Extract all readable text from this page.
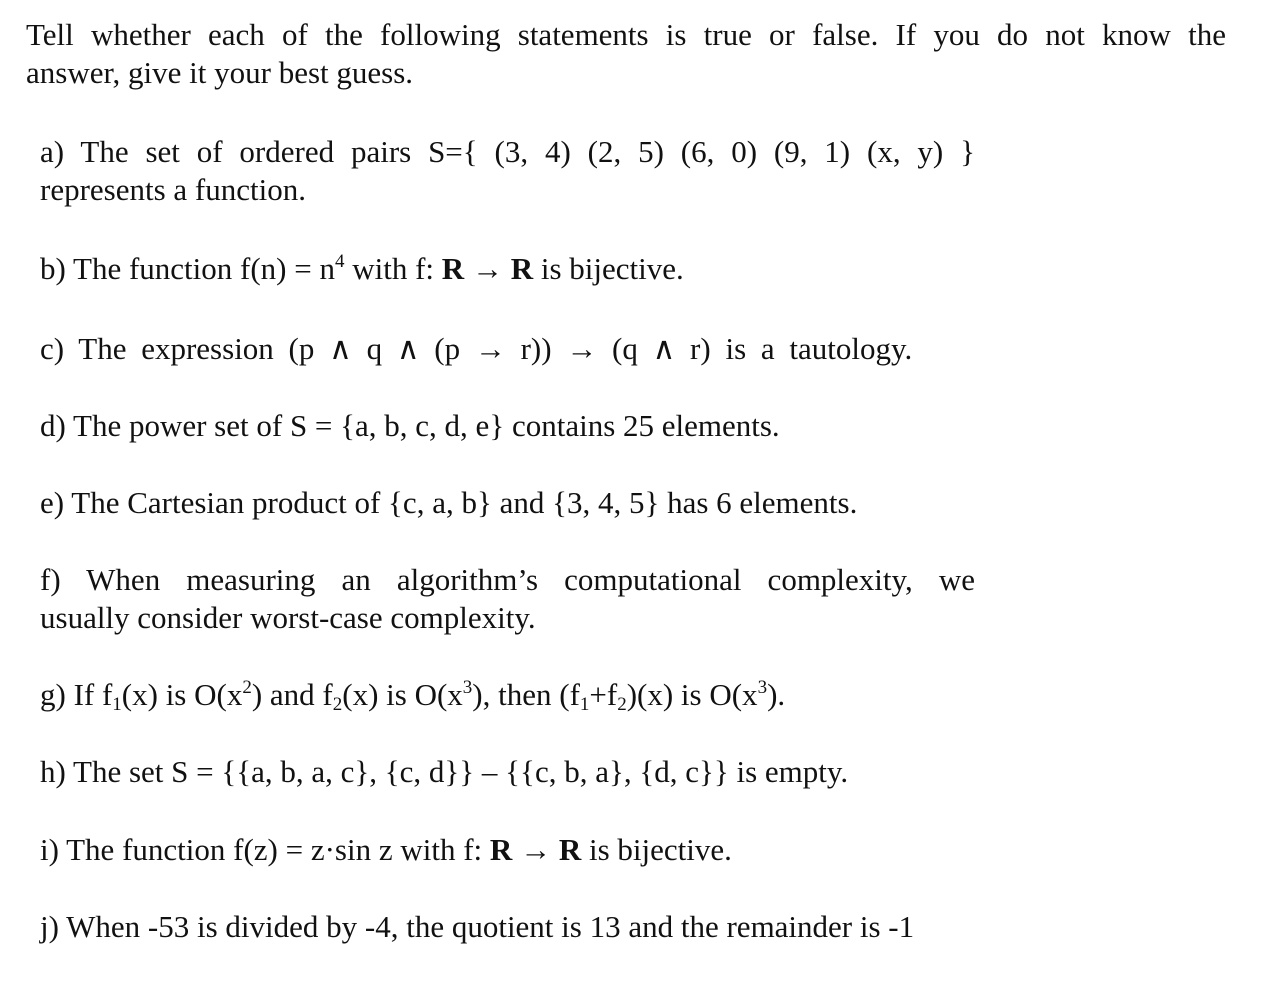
Tell whether each of the following statements is true or false. If you do not know the
answer, give it your best guess.
a) The set of ordered pairs S={ (3, 4) (2, 5) (6, 0) (9, 1) (x, y) }
represents a function.
b) The function $f(n) = n^4$ with f: R → R is bijective.
c) The expression (p ∧ q ∧ (p → r)) → (q ∧ r) is a tautology.
d) The power set of S = {a, b, c, d, e} contains 25 elements.
e) The Cartesian product of {c, a, b} and {3, 4, 5} has 6 elements.
f) When measuring an algorithm’s computational complexity, we
usually consider worst-case complexity.
g) If $f_1(x)$ is $O(x^2)$ and $f_2(x)$ is $O(x^3)$, then $(f_1+f_2)(x)$ is $O(x^3)$.
h) The set S = {{a, b, a, c}, {c, d}} – {{c, b, a}, {d, c}} is empty.
i) The function f(z) = z·sin z with f: R → R is bijective.
j) When -53 is divided by -4, the quotient is 13 and the remainder is -1
